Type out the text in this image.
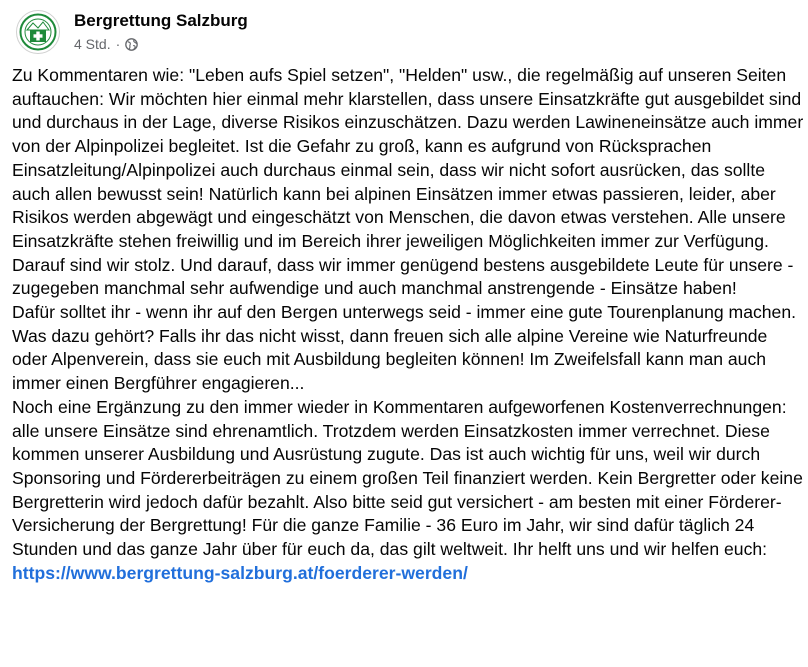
Bergrettung Salzburg
4 Std. ·

Zu Kommentaren wie: "Leben aufs Spiel setzen", "Helden" usw., die regelmäßig auf unseren Seiten auftauchen: Wir möchten hier einmal mehr klarstellen, dass unsere Einsatzkräfte gut ausgebildet sind und durchaus in der Lage, diverse Risikos einzuschätzen. Dazu werden Lawineneinsätze auch immer von der Alpinpolizei begleitet. Ist die Gefahr zu groß, kann es aufgrund von Rücksprachen Einsatzleitung/Alpinpolizei auch durchaus einmal sein, dass wir nicht sofort ausrücken, das sollte auch allen bewusst sein! Natürlich kann bei alpinen Einsätzen immer etwas passieren, leider, aber Risikos werden abgewägt und eingeschätzt von Menschen, die davon etwas verstehen. Alle unsere Einsatzkräfte stehen freiwillig und im Bereich ihrer jeweiligen Möglichkeiten immer zur Verfügung. Darauf sind wir stolz. Und darauf, dass wir immer genügend bestens ausgebildete Leute für unsere - zugegeben manchmal sehr aufwendige und auch manchmal anstrengende - Einsätze haben!

Dafür solltet ihr - wenn ihr auf den Bergen unterwegs seid - immer eine gute Tourenplanung machen. Was dazu gehört? Falls ihr das nicht wisst, dann freuen sich alle alpine Vereine wie Naturfreunde oder Alpenverein, dass sie euch mit Ausbildung begleiten können! Im Zweifelsfall kann man auch immer einen Bergführer engagieren...

Noch eine Ergänzung zu den immer wieder in Kommentaren aufgeworfenen Kostenverrechnungen: alle unsere Einsätze sind ehrenamtlich. Trotzdem werden Einsatzkosten immer verrechnet. Diese kommen unserer Ausbildung und Ausrüstung zugute. Das ist auch wichtig für uns, weil wir durch Sponsoring und Fördererbeiträgen zu einem großen Teil finanziert werden. Kein Bergretter oder keine Bergretterin wird jedoch dafür bezahlt. Also bitte seid gut versichert - am besten mit einer Förderer-Versicherung der Bergrettung! Für die ganze Familie - 36 Euro im Jahr, wir sind dafür täglich 24 Stunden und das ganze Jahr über für euch da, das gilt weltweit. Ihr helft uns und wir helfen euch:

https://www.bergrettung-salzburg.at/foerderer-werden/
